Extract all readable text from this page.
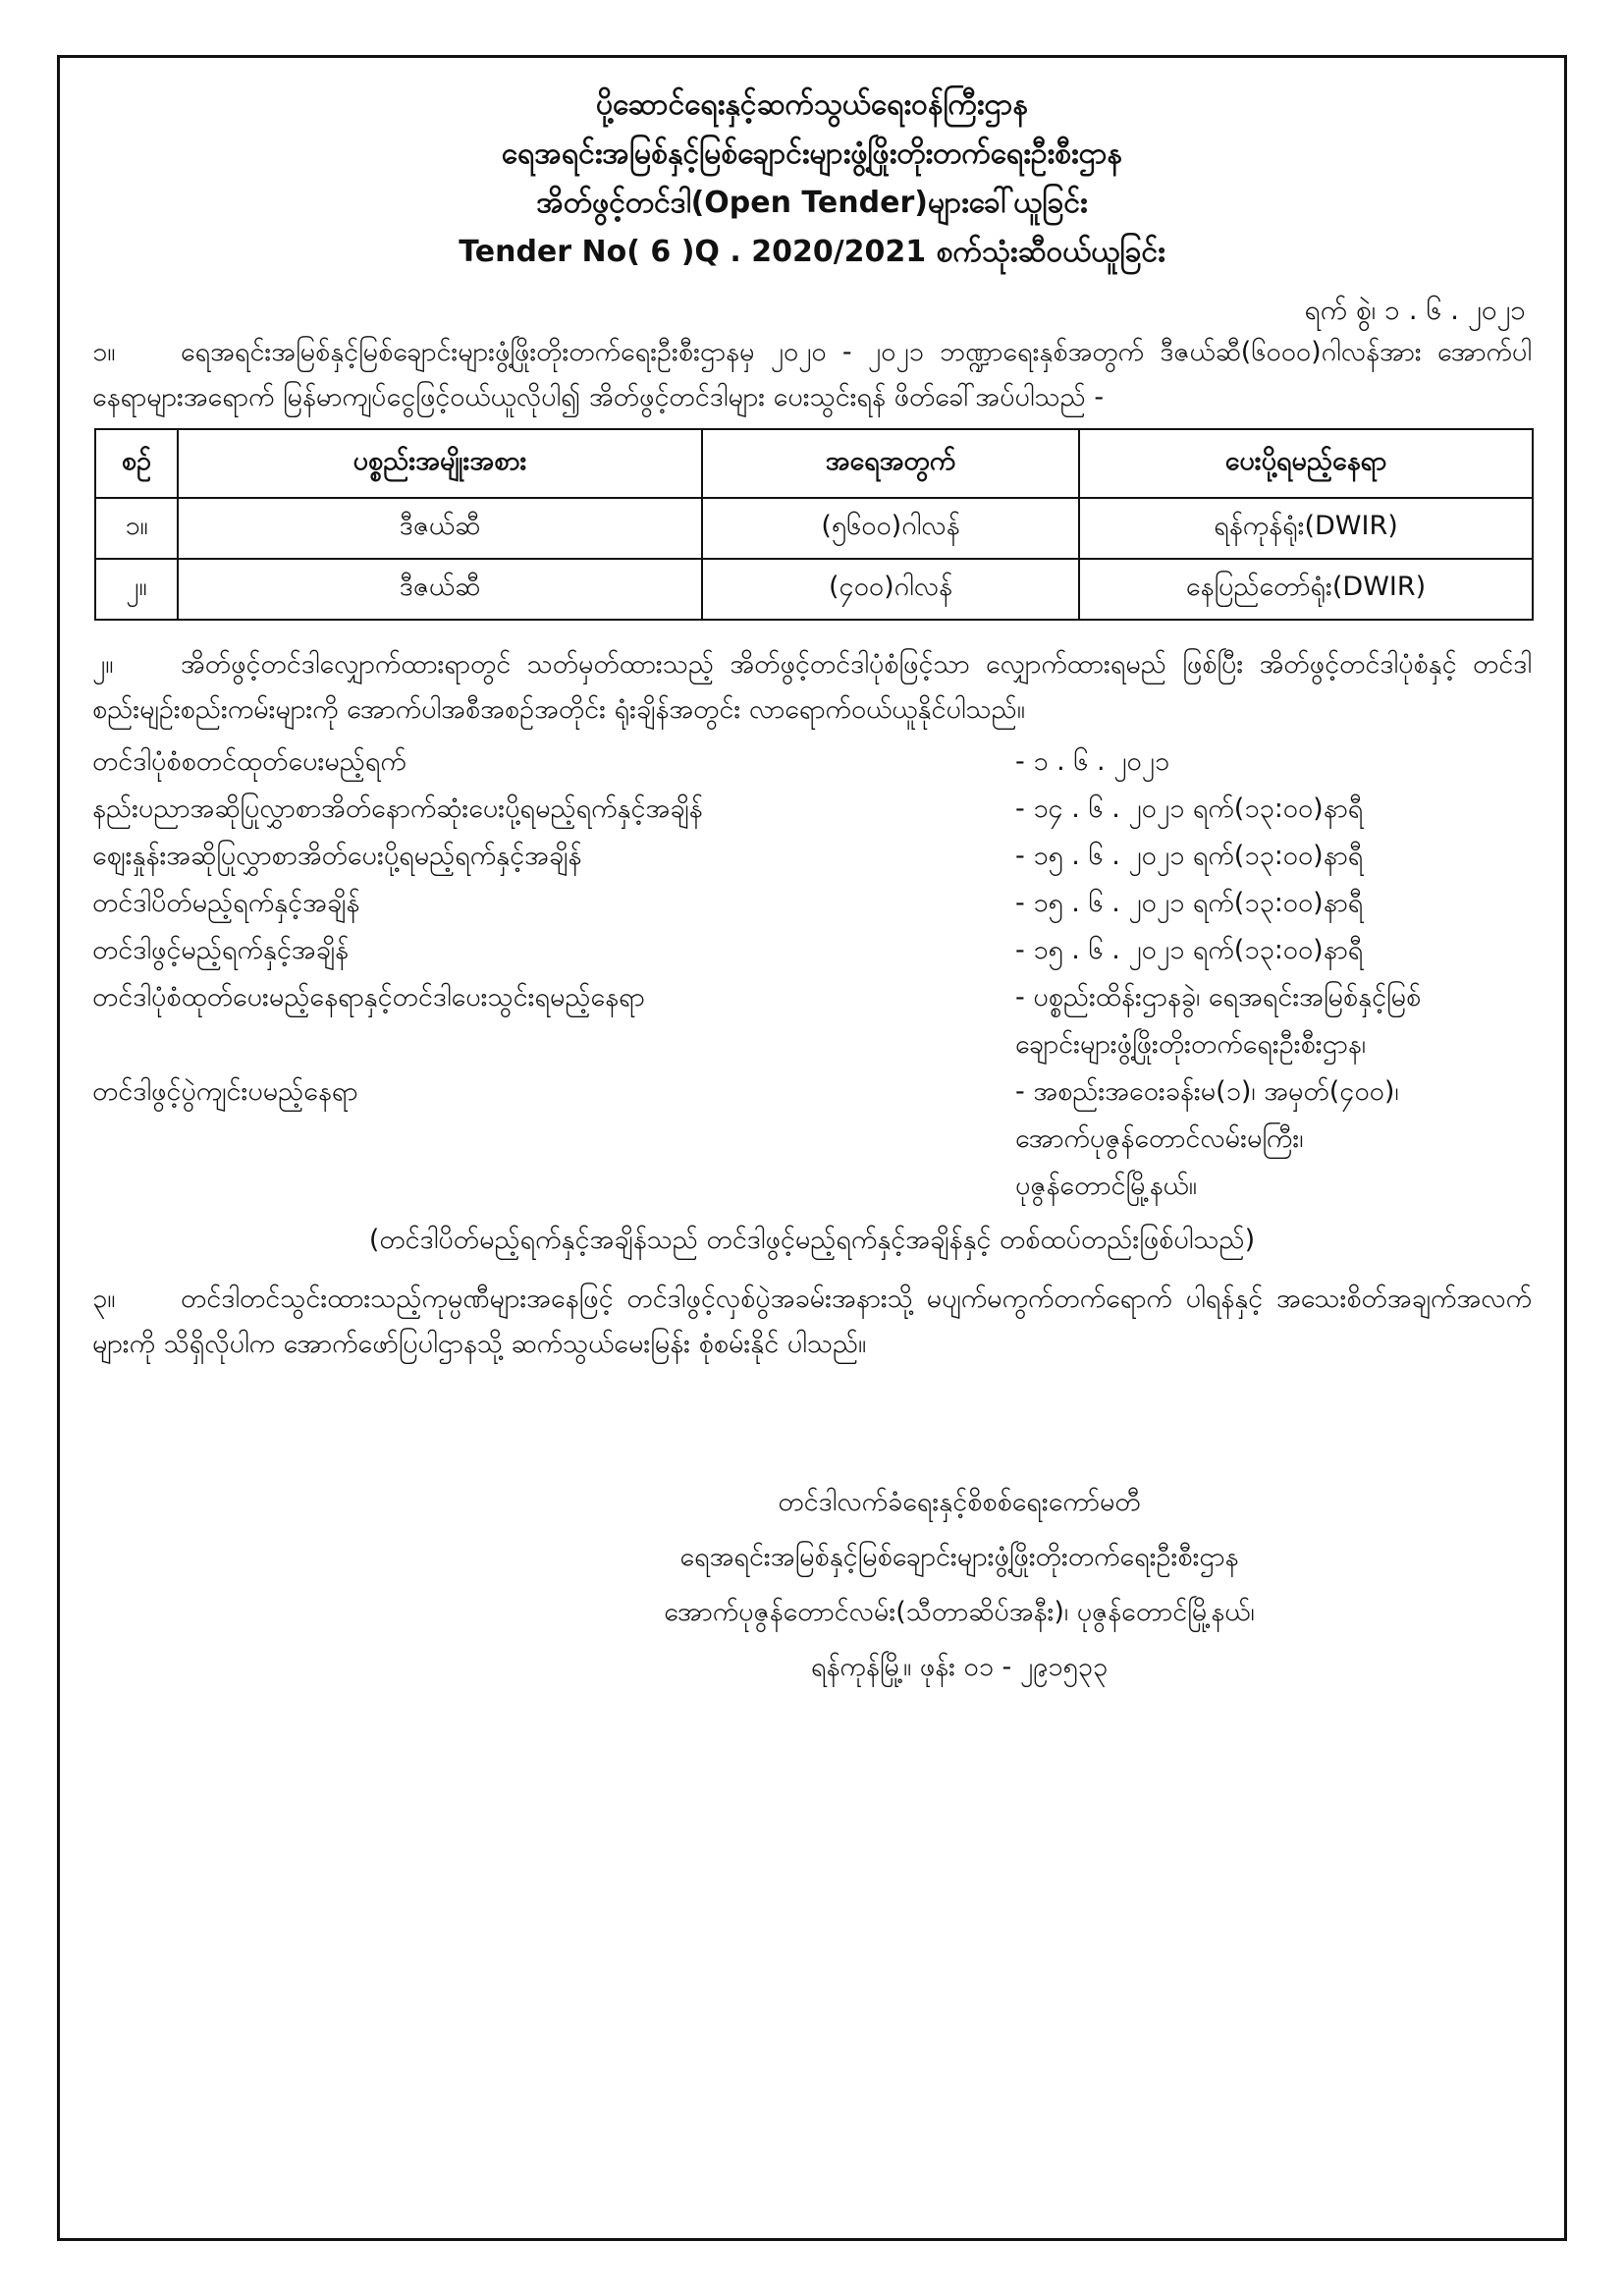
ပို့ဆောင်ရေးနှင့်ဆက်သွယ်ရေးဝန်ကြီးဌာန
ရေအရင်းအမြစ်နှင့်မြစ်ချောင်းများဖွံ့ဖြိုးတိုးတက်ရေးဦးစီးဌာန
အိတ်ဖွင့်တင်ဒါ(Open Tender)များခေါ်ယူခြင်း
Tender No( 6 )Q . 2020/2021 စက်သုံးဆီဝယ်ယူခြင်း
ရက် စွဲ၊ ၁ . ၆ . ၂၀၂၁
၁။ ရေအရင်းအမြစ်နှင့်မြစ်ချောင်းများဖွံ့ဖြိုးတိုးတက်ရေးဦးစီးဌာနမှ ၂၀၂၀ - ၂၀၂၁ ဘဏ္ဍာရေးနှစ်အတွက် ဒီဇယ်ဆီ(၆၀၀၀)ဂါလန်အား အောက်ပါနေရာများအရောက် မြန်မာကျပ်ငွေဖြင့်ဝယ်ယူလိုပါ၍ အိတ်ဖွင့်တင်ဒါများ ပေးသွင်းရန် ဖိတ်ခေါ်အပ်ပါသည် -
စဉ်	ပစ္စည်းအမျိုးအစား	အရေအတွက်	ပေးပို့ရမည့်နေရာ
၁။	ဒီဇယ်ဆီ	(၅၆၀၀)ဂါလန်	ရန်ကုန်ရုံး(DWIR)
၂။	ဒီဇယ်ဆီ	(၄၀၀)ဂါလန်	နေပြည်တော်ရုံး(DWIR)
၂။	အိတ်ဖွင့်တင်ဒါလျှောက်ထားရာတွင် သတ်မှတ်ထားသည့် အိတ်ဖွင့်တင်ဒါပုံစံဖြင့်သာ လျှောက်ထားရမည် ဖြစ်ပြီး အိတ်ဖွင့်တင်ဒါပုံစံနှင့် တင်ဒါစည်းမျဉ်းစည်းကမ်းများကို အောက်ပါအစီအစဉ်အတိုင်း ရုံးချိန်အတွင်း လာရောက်ဝယ်ယူနိုင်ပါသည်။
တင်ဒါပုံစံစတင်ထုတ်ပေးမည့်ရက်	- ၁ . ၆ . ၂၀၂၁
နည်းပညာအဆိုပြုလွှာစာအိတ်နောက်ဆုံးပေးပို့ရမည့်ရက်နှင့်အချိန်	- ၁၄ . ၆ . ၂၀၂၁ ရက်(၁၃:၀၀)နာရီ
ဈေးနှုန်းအဆိုပြုလွှာစာအိတ်ပေးပို့ရမည့်ရက်နှင့်အချိန်	- ၁၅ . ၆ . ၂၀၂၁ ရက်(၁၃:၀၀)နာရီ
တင်ဒါပိတ်မည့်ရက်နှင့်အချိန်	- ၁၅ . ၆ . ၂၀၂၁ ရက်(၁၃:၀၀)နာရီ
တင်ဒါဖွင့်မည့်ရက်နှင့်အချိန်	- ၁၅ . ၆ . ၂၀၂၁ ရက်(၁၃:၀၀)နာရီ
တင်ဒါပုံစံထုတ်ပေးမည့်နေရာနှင့်တင်ဒါပေးသွင်းရမည့်နေရာ	- ပစ္စည်းထိန်းဌာနခွဲ၊ ရေအရင်းအမြစ်နှင့်မြစ်
ချောင်းများဖွံ့ဖြိုးတိုးတက်ရေးဦးစီးဌာန၊
တင်ဒါဖွင့်ပွဲကျင်းပမည့်နေရာ	- အစည်းအဝေးခန်းမ(၁)၊ အမှတ်(၄၀၀)၊
အောက်ပုဇွန်တောင်လမ်းမကြီး၊
ပုဇွန်တောင်မြို့နယ်။
(တင်ဒါပိတ်မည့်ရက်နှင့်အချိန်သည် တင်ဒါဖွင့်မည့်ရက်နှင့်အချိန်နှင့် တစ်ထပ်တည်းဖြစ်ပါသည်)
၃။ တင်ဒါတင်သွင်းထားသည့်ကုမ္ပဏီများအနေဖြင့် တင်ဒါဖွင့်လှစ်ပွဲအခမ်းအနားသို့ မပျက်မကွက်တက်ရောက် ပါရန်နှင့် အသေးစိတ်အချက်အလက်များကို သိရှိလိုပါက အောက်ဖော်ပြပါဌာနသို့ ဆက်သွယ်မေးမြန်း စုံစမ်းနိုင် ပါသည်။
တင်ဒါလက်ခံရေးနှင့်စိစစ်ရေးကော်မတီ
ရေအရင်းအမြစ်နှင့်မြစ်ချောင်းများဖွံ့ဖြိုးတိုးတက်ရေးဦးစီးဌာန
အောက်ပုဇွန်တောင်လမ်း(သီတာဆိပ်အနီး)၊ ပုဇွန်တောင်မြို့နယ်၊
ရန်ကုန်မြို့။ ဖုန်း ၀၁ - ၂၉၁၅၃၃
